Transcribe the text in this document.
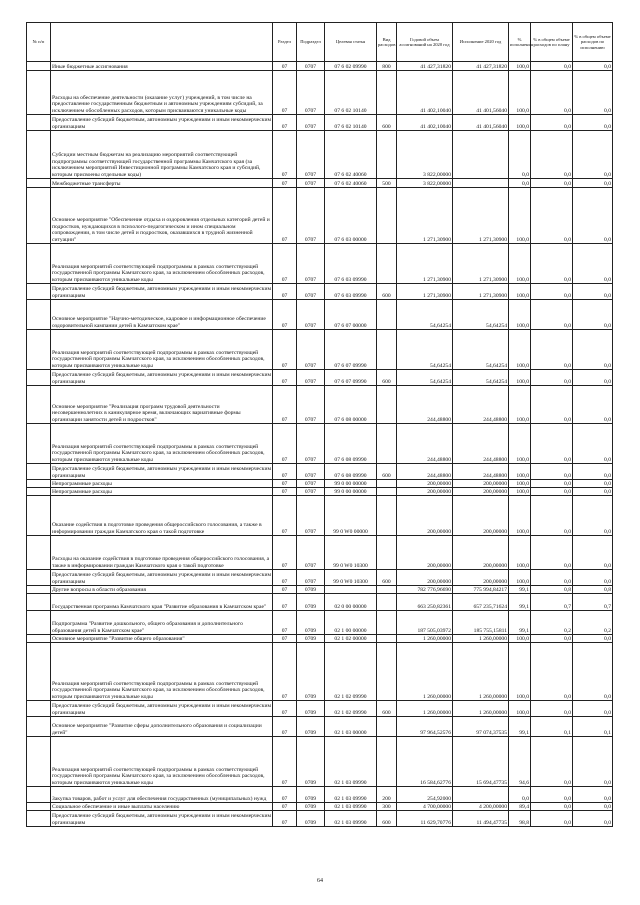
№ п/п		Раздел	Подраздел	Целевая статья	Вид расходов	Годовой объем ассигнований на 2020 год	Исполнение 2020 год	% исполнения	% в общем объеме расходов по плану	% в общем объеме расходов по исполнению
	Иные бюджетные ассигнования	07	0707	07 6 02 09990	800	41 427,31820	41 427,31820	100,0	0,0	0,0
	Расходы на обеспечение деятельности (оказание услуг) учреждений, в том числе на предоставление государственным бюджетным и автономным учреждениям субсидий, за исключением обособленных расходов, которым присваиваются уникальные коды	07	0707	07 6 02 10140		41 402,10040	41 401,56040	100,0	0,0	0,0
	Предоставление субсидий бюджетным, автономным учреждениям и иным некоммерческим организациям	07	0707	07 6 02 10140	600	41 402,10040	41 401,56040	100,0	0,0	0,0
	Субсидии местным бюджетам на реализацию мероприятий соответствующей подпрограммы соответствующей государственной программы Камчатского края (за исключением мероприятий Инвестиционной программы Камчатского края и субсидий, которым присвоены отдельные коды)	07	0707	07 6 02 40060		3 822,00000		0,0	0,0	0,0
	Межбюджетные трансферты	07	0707	07 6 02 40060	500	3 822,00000		0,0	0,0	0,0
	Основное мероприятие "Обеспечение отдыха и оздоровления отдельных категорий детей и подростков, нуждающихся в психолого-педагогическом и ином специальном сопровождении, в том числе детей и подростков, оказавшихся в трудной жизненной ситуации"	07	0707	07 6 03 00000		1 271,30900	1 271,30900	100,0	0,0	0,0
	Реализация мероприятий соответствующей подпрограммы в рамках соответствующей государственной программы Камчатского края, за исключением обособленных расходов, которым присваиваются уникальные коды	07	0707	07 6 03 09990		1 271,30900	1 271,30900	100,0	0,0	0,0
	Предоставление субсидий бюджетным, автономным учреждениям и иным некоммерческим организациям	07	0707	07 6 03 09990	600	1 271,30900	1 271,30900	100,0	0,0	0,0
	Основное мероприятие "Научно-методическое, кадровое и информационное обеспечение оздоровительной кампании детей в Камчатском крае"	07	0707	07 6 07 00000		54,64254	54,64254	100,0	0,0	0,0
	Реализация мероприятий соответствующей подпрограммы в рамках соответствующей государственной программы Камчатского края, за исключением обособленных расходов, которым присваиваются уникальные коды	07	0707	07 6 07 09990		54,64254	54,64254	100,0	0,0	0,0
	Предоставление субсидий бюджетным, автономным учреждениям и иным некоммерческим организациям	07	0707	07 6 07 09990	600	54,64254	54,64254	100,0	0,0	0,0
	Основное мероприятие "Реализация программ трудовой деятельности несовершеннолетних в каникулярное время, включающих вариативные формы организации занятости детей и подростков"	07	0707	07 6 08 00000		244,48800	244,48800	100,0	0,0	0,0
	Реализация мероприятий соответствующей подпрограммы в рамках соответствующей государственной программы Камчатского края, за исключением обособленных расходов, которым присваиваются уникальные коды	07	0707	07 6 08 09990		244,48800	244,48800	100,0	0,0	0,0
	Предоставление субсидий бюджетным, автономным учреждениям и иным некоммерческим организациям	07	0707	07 6 08 09990	600	244,48800	244,48800	100,0	0,0	0,0
	Непрограммные расходы	07	0707	99 0 00 00000		200,00000	200,00000	100,0	0,0	0,0
	Непрограммные расходы	07	0707	99 0 00 00000		200,00000	200,00000	100,0	0,0	0,0
	Оказание содействия в подготовке проведения общероссийского голосования, а также в информировании граждан Камчатского края о такой подготовке	07	0707	99 0 W0 00000		200,00000	200,00000	100,0	0,0	0,0
	Расходы на оказание содействия в подготовке проведения общероссийского голосования, а также в информировании граждан Камчатского края о такой подготовке	07	0707	99 0 W0 10300		200,00000	200,00000	100,0	0,0	0,0
	Предоставление субсидий бюджетным, автономным учреждениям и иным некоммерческим организациям	07	0707	99 0 W0 10300	600	200,00000	200,00000	100,0	0,0	0,0
	Другие вопросы в области образования	07	0709			782 776,96690	775 994,84217	99,1	0,8	0,8
	Государственная программа Камчатского края "Развитие образования в Камчатском крае"	07	0709	02 0 00 00000		663 250,82361	657 235,71624	99,1	0,7	0,7
	Подпрограмма "Развитие дошкольного, общего образования и дополнительного образования детей в Камчатском крае"	07	0709	02 1 00 00000		187 505,03972	185 755,15811	99,1	0,2	0,2
	Основное мероприятие "Развитие общего образования"	07	0709	02 1 02 00000		1 260,00000	1 260,00000	100,0	0,0	0,0
	Реализация мероприятий соответствующей подпрограммы в рамках соответствующей государственной программы Камчатского края, за исключением обособленных расходов, которым присваиваются уникальные коды	07	0709	02 1 02 09990		1 260,00000	1 260,00000	100,0	0,0	0,0
	Предоставление субсидий бюджетным, автономным учреждениям и иным некоммерческим организациям	07	0709	02 1 02 09990	600	1 260,00000	1 260,00000	100,0	0,0	0,0
	Основное мероприятие "Развитие сферы дополнительного образования и социализации детей"	07	0709	02 1 03 00000		97 964,52576	97 074,37535	99,1	0,1	0,1
	Реализация мероприятий соответствующей подпрограммы в рамках соответствующей государственной программы Камчатского края, за исключением обособленных расходов, которым присваиваются уникальные коды	07	0709	02 1 03 09990		16 584,62776	15 694,47735	94,6	0,0	0,0
	Закупка товаров, работ и услуг для обеспечения государственных (муниципальных) нужд	07	0709	02 1 03 09990	200	254,92000		0,0	0,0	0,0
	Социальное обеспечение и иные выплаты населению	07	0709	02 1 03 09990	300	4 700,00000	4 200,00000	89,4	0,0	0,0
	Предоставление субсидий бюджетным, автономным учреждениям и иным некоммерческим организациям	07	0709	02 1 03 09990	600	11 629,70776	11 494,47735	98,8	0,0	0,0
64
